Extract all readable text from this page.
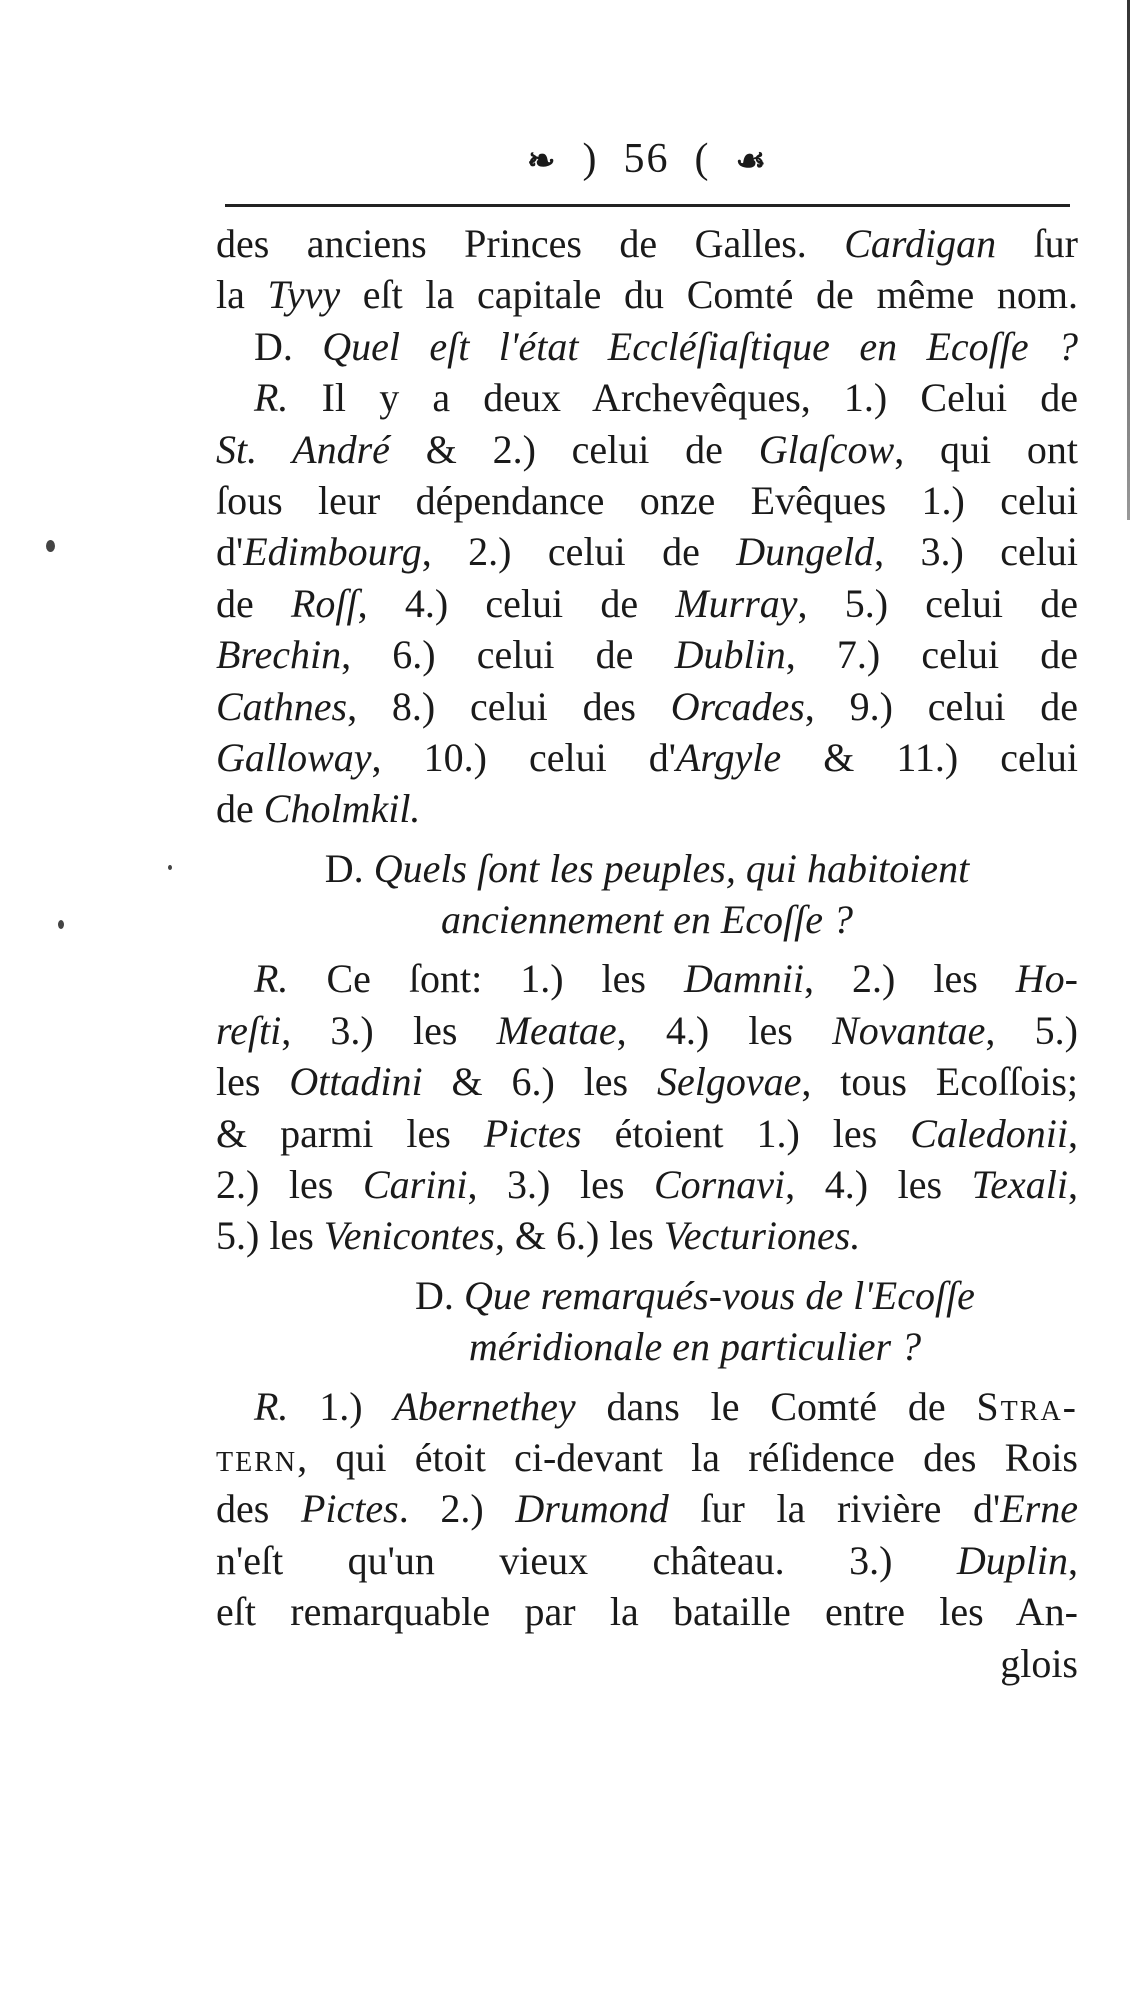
❧  )  56  (  ☙
des anciens Princes de Galles. Cardigan ſur
la Tyvy eſt la capitale du Comté de même nom.
D. Quel eſt l'état Eccléſiaſtique en Ecoſſe ?
R. Il y a deux Archevêques, 1.) Celui de
St. André & 2.) celui de Glaſcow, qui ont
ſous leur dépendance onze Evêques 1.) celui
d'Edimbourg, 2.) celui de Dungeld, 3.) celui
de Roſſ, 4.) celui de Murray, 5.) celui de
Brechin, 6.) celui de Dublin, 7.) celui de
Cathnes, 8.) celui des Orcades, 9.) celui de
Galloway, 10.) celui d'Argyle & 11.) celui
de Cholmkil.
D. Quels ſont les peuples, qui habitoient
anciennement en Ecoſſe ?
R. Ce ſont: 1.) les Damnii, 2.) les Ho-
reſti, 3.) les Meatae, 4.) les Novantae, 5.)
les Ottadini & 6.) les Selgovae, tous Ecoſſois;
& parmi les Pictes étoient 1.) les Caledonii,
2.) les Carini, 3.) les Cornavi, 4.) les Texali,
5.) les Venicontes, & 6.) les Vecturiones.
D. Que remarqués-vous de l'Ecoſſe
méridionale en particulier ?
R. 1.) Abernethey dans le Comté de Stra-
tern, qui étoit ci-devant la réſidence des Rois
des Pictes. 2.) Drumond ſur la rivière d'Erne
n'eſt qu'un vieux château. 3.) Duplin,
eſt remarquable par la bataille entre les An-
glois
